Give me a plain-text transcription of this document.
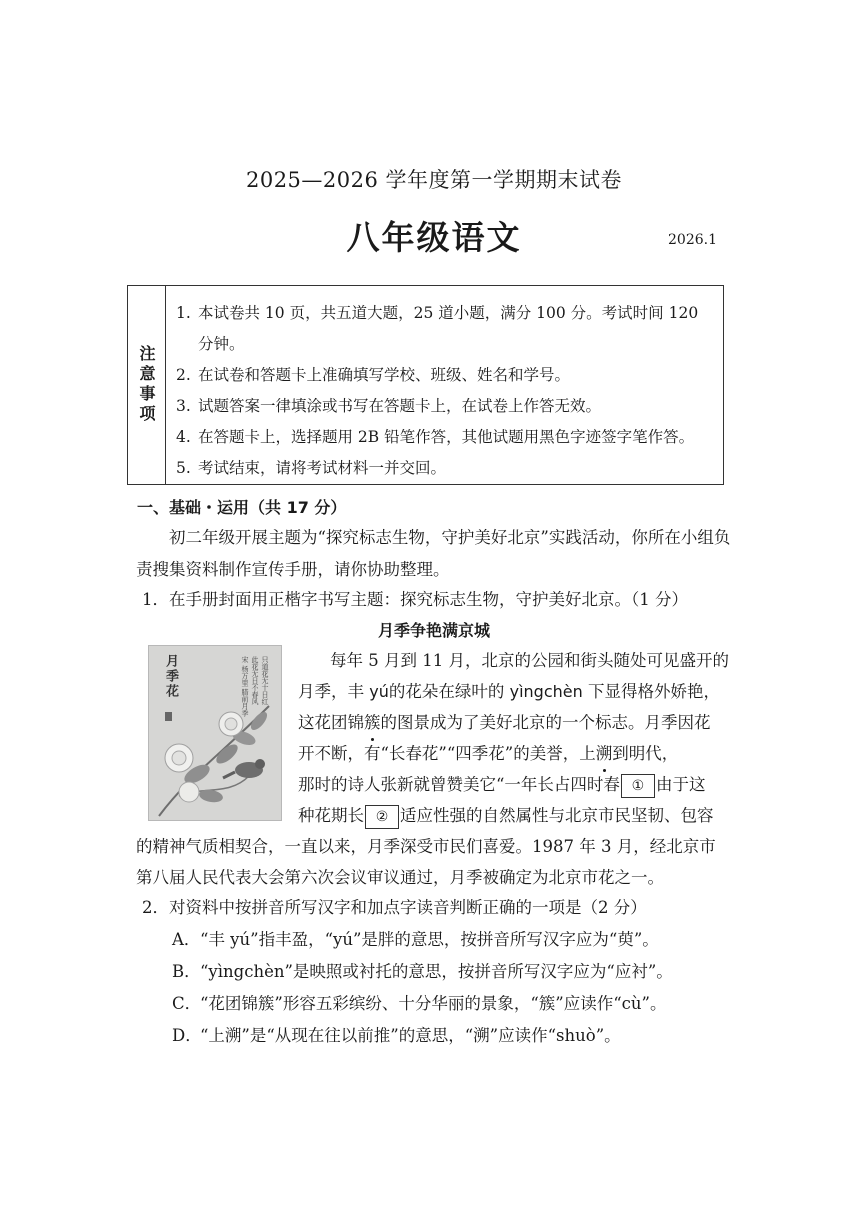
2025—2026 学年度第一学期期末试卷
八年级语文	2026.1
注意事项
1. 本试卷共 10 页，共五道大题，25 道小题，满分 100 分。考试时间 120
分钟。
2. 在试卷和答题卡上准确填写学校、班级、姓名和学号。
3. 试题答案一律填涂或书写在答题卡上，在试卷上作答无效。
4. 在答题卡上，选择题用 2B 铅笔作答，其他试题用黑色字迹签字笔作答。
5. 考试结束，请将考试材料一并交回。
一、基础・运用（共 17 分）
初二年级开展主题为“探究标志生物，守护美好北京”实践活动，你所在小组负责搜集资料制作宣传手册，请你协助整理。
1．在手册封面用正楷字书写主题：探究标志生物，守护美好北京。（1 分）
月季争艳满京城
月季花	只道花无十日红
此花无日不春风
宋 杨万里 腊前月季	每年 5 月到 11 月，北京的公园和街头随处可见盛开的
月季，丰 yú的花朵在绿叶的 yìngchèn 下显得格外娇艳，
这花团锦簇的图景成为了美好北京的一个标志。月季因花
开不断，有“长春花”“四季花”的美誉，上溯到明代，
那时的诗人张新就曾赞美它“一年长占四时春 ① 由于这
种花期长 ② 适应性强的自然属性与北京市民坚韧、包容
的精神气质相契合，一直以来，月季深受市民们喜爱。1987 年 3 月，经北京市
第八届人民代表大会第六次会议审议通过，月季被确定为北京市花之一。
2．对资料中按拼音所写汉字和加点字读音判断正确的一项是（2 分）
A．“丰 yú”指丰盈，“yú”是胖的意思，按拼音所写汉字应为“萸”。
B．“yìngchèn”是映照或衬托的意思，按拼音所写汉字应为“应衬”。
C．“花团锦簇”形容五彩缤纷、十分华丽的景象，“簇”应读作“cù”。
D．“上溯”是“从现在往以前推”的意思，“溯”应读作“shuò”。
